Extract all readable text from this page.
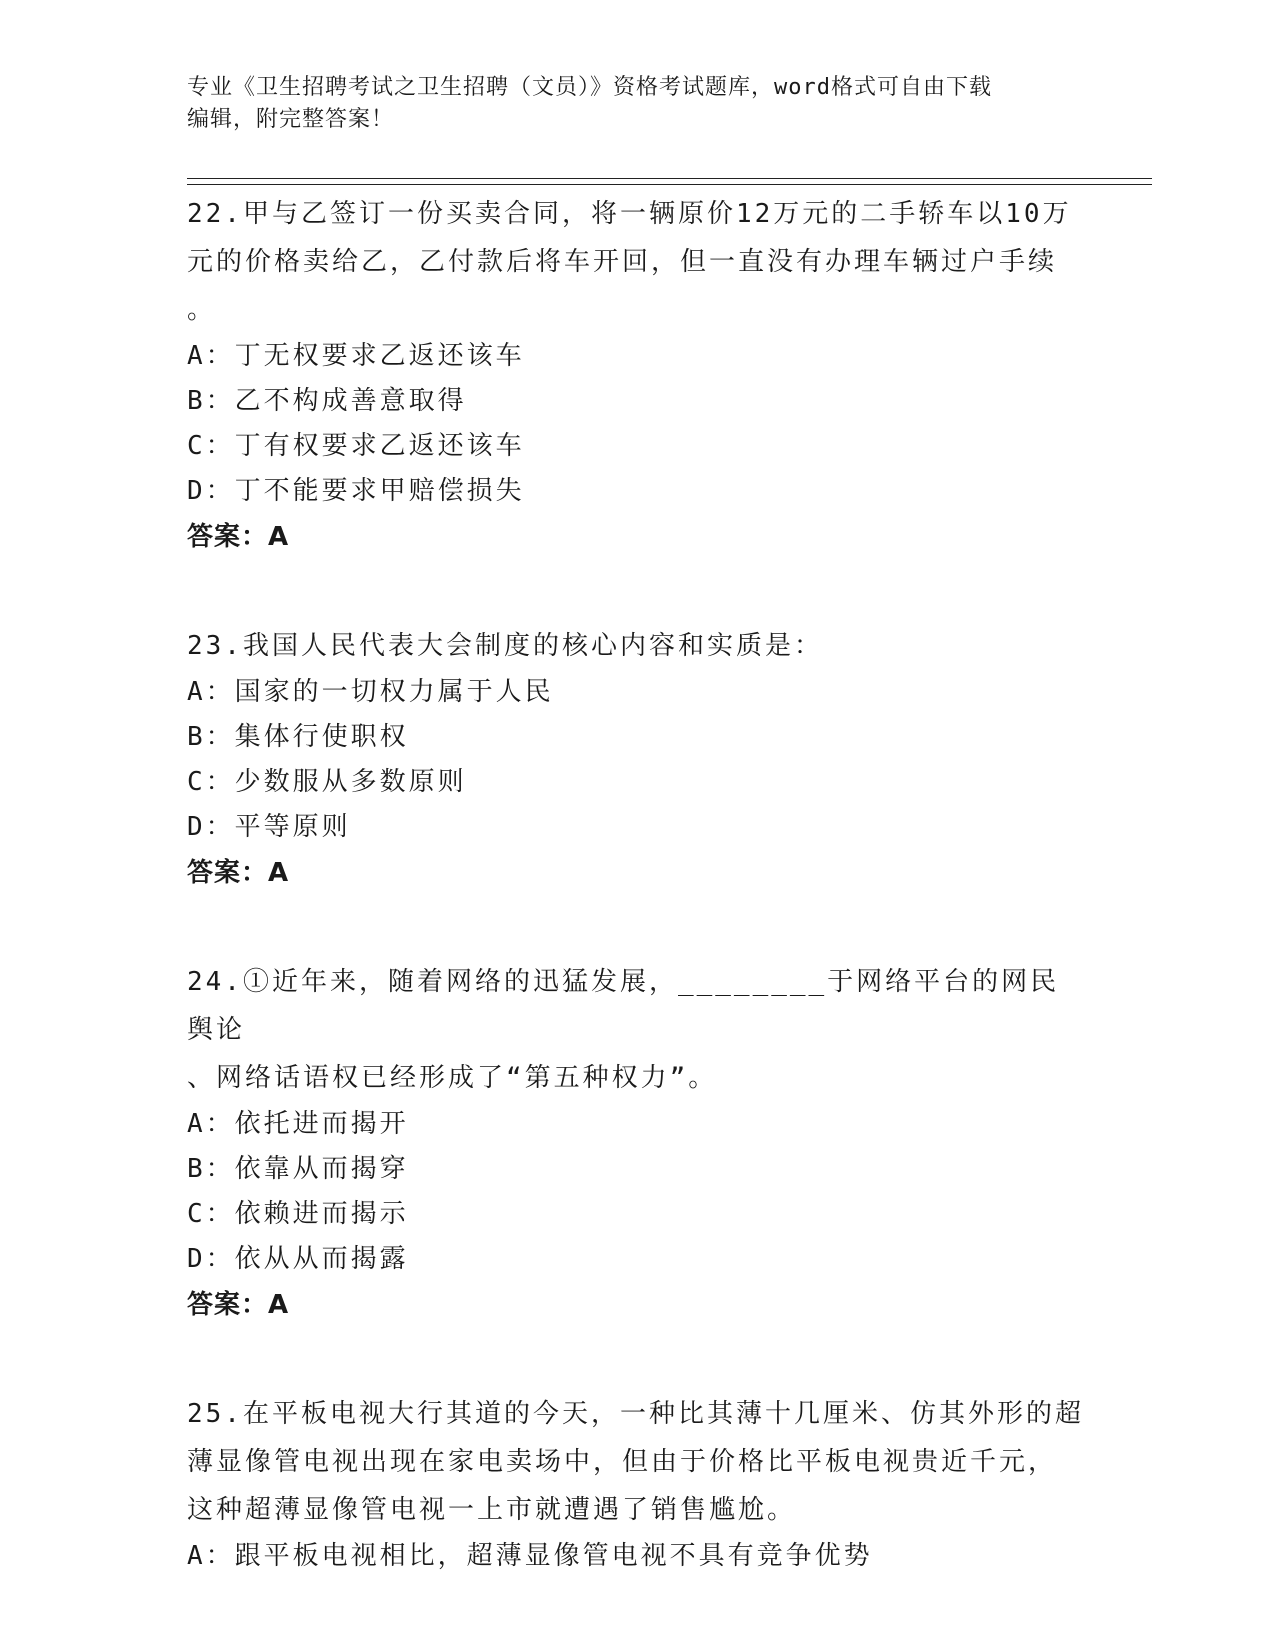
专业《卫生招聘考试之卫生招聘（文员）》资格考试题库，word格式可自由下载
编辑，附完整答案！
22.甲与乙签订一份买卖合同，将一辆原价12万元的二手轿车以10万
元的价格卖给乙，乙付款后将车开回，但一直没有办理车辆过户手续
。
A：丁无权要求乙返还该车
B：乙不构成善意取得
C：丁有权要求乙返还该车
D：丁不能要求甲赔偿损失
答案：A
23.我国人民代表大会制度的核心内容和实质是：
A：国家的一切权力属于人民
B：集体行使职权
C：少数服从多数原则
D：平等原则
答案：A
24.①近年来，随着网络的迅猛发展，________于网络平台的网民舆论
、网络话语权已经形成了“第五种权力”。
A：依托进而揭开
B：依靠从而揭穿
C：依赖进而揭示
D：依从从而揭露
答案：A
25.在平板电视大行其道的今天，一种比其薄十几厘米、仿其外形的超
薄显像管电视出现在家电卖场中，但由于价格比平板电视贵近千元，
这种超薄显像管电视一上市就遭遇了销售尴尬。
A：跟平板电视相比，超薄显像管电视不具有竞争优势
